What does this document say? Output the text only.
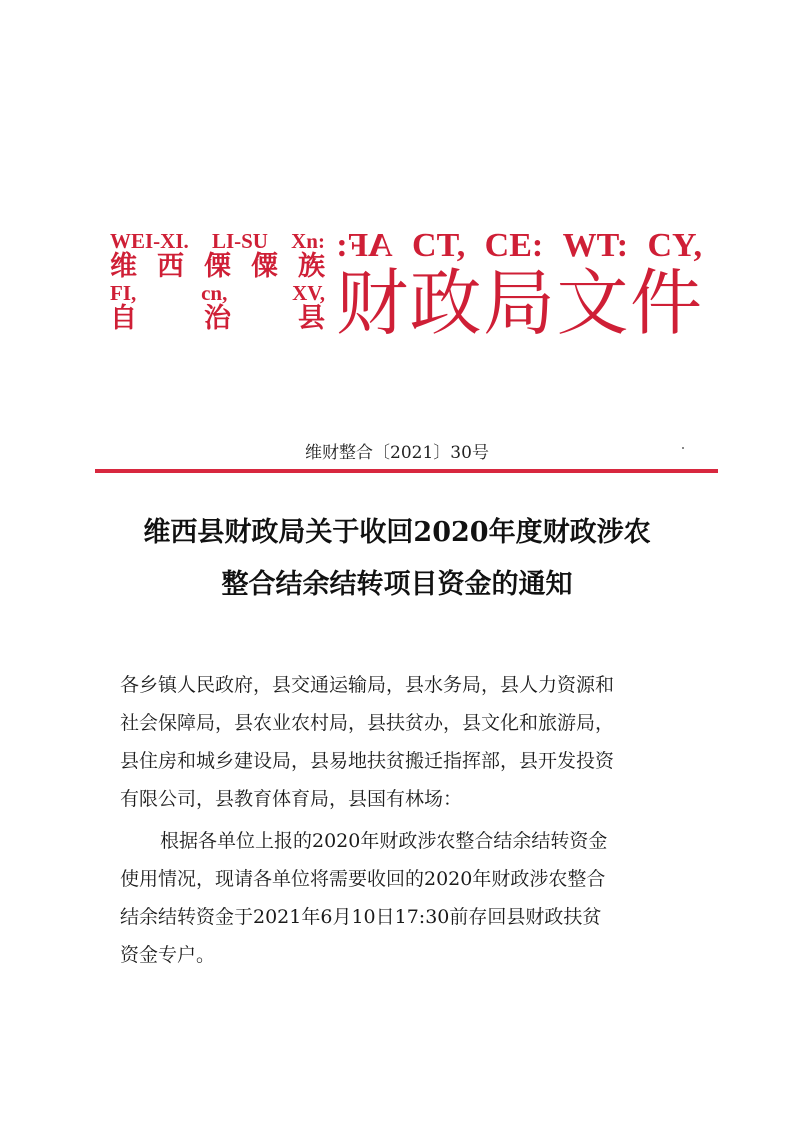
WEI-XI. LI-SU Xn:
维 西 傈 僳 族
FI,	cn,	XV,
自 治 县
AF: CT, CE: WT: CY,
财 政 局 文 件
维财整合〔2021〕30号
维西县财政局关于收回2020年度财政涉农
整合结余结转项目资金的通知

各乡镇人民政府，县交通运输局，县水务局，县人力资源和

社会保障局，县农业农村局，县扶贫办，县文化和旅游局，

县住房和城乡建设局，县易地扶贫搬迁指挥部，县开发投资

有限公司，县教育体育局，县国有林场：

根据各单位上报的2020年财政涉农整合结余结转资金

使用情况，现请各单位将需要收回的2020年财政涉农整合

结余结转资金于2021年6月10日17:30前存回县财政扶贫

资金专户。
